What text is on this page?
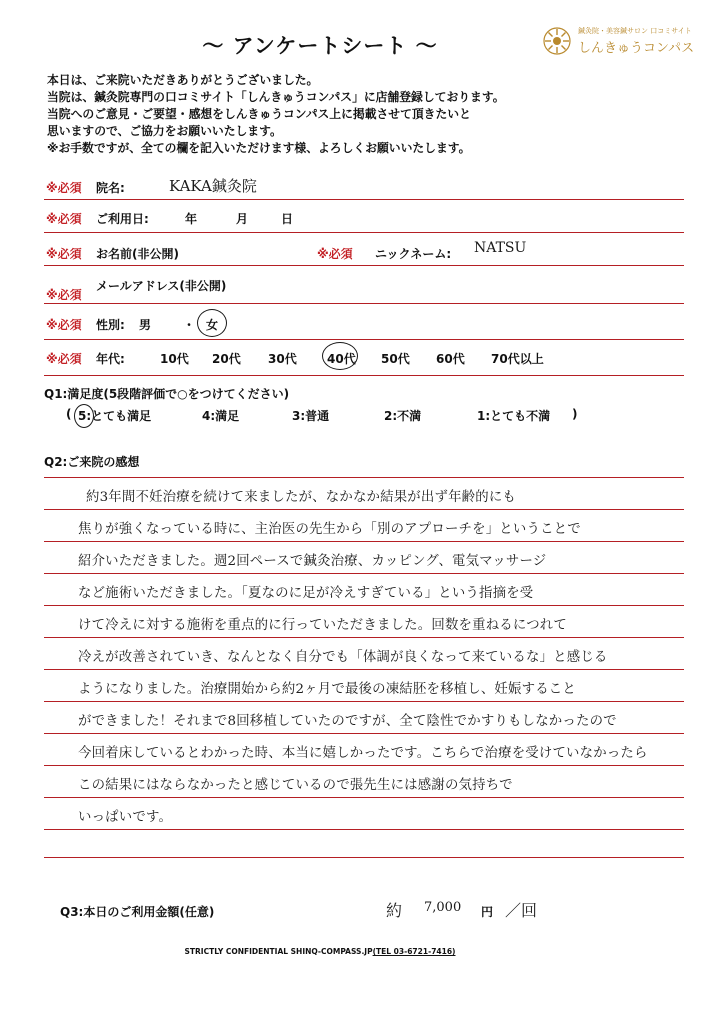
～ アンケートシート ～
鍼灸院・美容鍼サロン 口コミサイト
しんきゅうコンパス
本日は、ご来院いただきありがとうございました。
当院は、鍼灸院専門の口コミサイト「しんきゅうコンパス」に店舗登録しております。
当院へのご意見・ご要望・感想をしんきゅうコンパス上に掲載させて頂きたいと
思いますので、ご協力をお願いいたします。
※お手数ですが、全ての欄を記入いただけます様、よろしくお願いいたします。
※必須 院名:	KAKA鍼灸院
※必須 ご利用日:	年	月	日
※必須 お名前(非公開)	※必須 ニックネーム: NATSU
※必須
メールアドレス(非公開)
※必須 性別: 男	・ 女
※必須 年代:	10代 20代 30代	40代 50代 60代 70代以上
Q1:満足度(5段階評価で○をつけてください)
( 5:とても満足	4:満足	3:普通	2:不満	1:とても不満 )
Q2:ご来院の感想
約3年間不妊治療を続けて来ましたが、なかなか結果が出ず年齢的にも
焦りが強くなっている時に、主治医の先生から「別のアプローチを」ということで
紹介いただきました。週2回ペースで鍼灸治療、カッピング、電気マッサージ
など施術いただきました。「夏なのに足が冷えすぎている」という指摘を受
けて冷えに対する施術を重点的に行っていただきました。回数を重ねるにつれて
冷えが改善されていき、なんとなく自分でも「体調が良くなって来ているな」と感じる
ようになりました。治療開始から約2ヶ月で最後の凍結胚を移植し、妊娠すること
ができました！それまで8回移植していたのですが、全て陰性でかすりもしなかったので
今回着床しているとわかった時、本当に嬉しかったです。こちらで治療を受けていなかったら
この結果にはならなかったと感じているので張先生には感謝の気持ちで
いっぱいです。
Q3:本日のご利用金額(任意)	約 7,000 円 ／回
STRICTLY CONFIDENTIAL SHINQ-COMPASS.JP(TEL 03-6721-7416)
